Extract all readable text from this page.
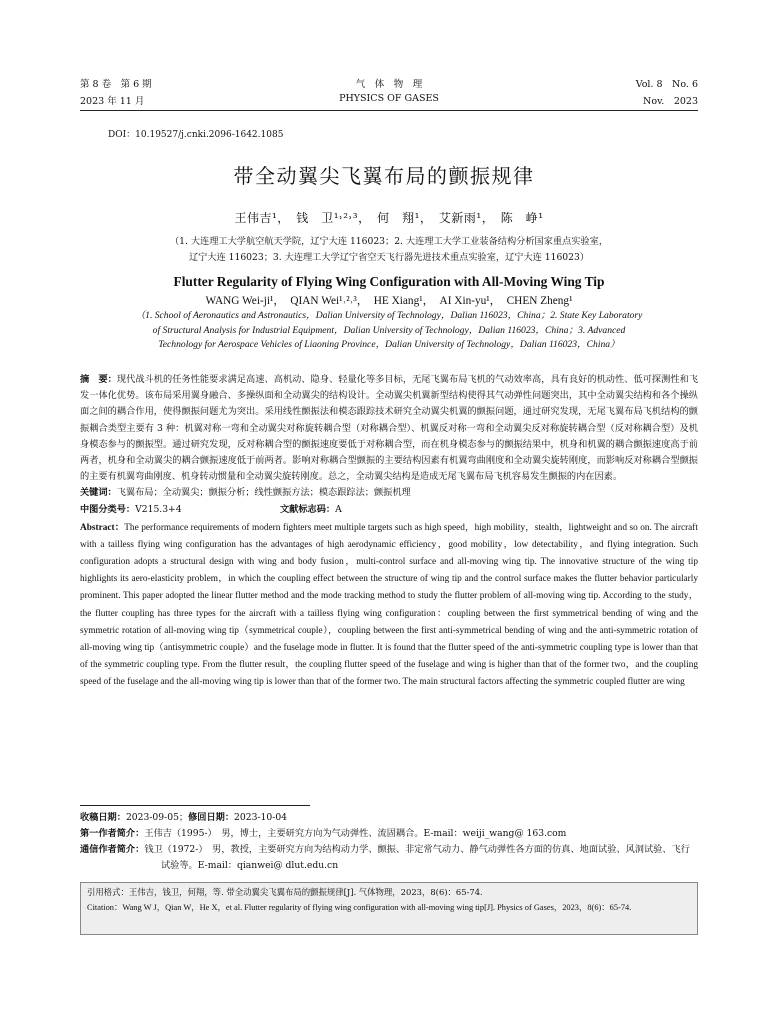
第 8 卷　第 6 期	气　体　物　理	Vol. 8　No. 6
2023 年 11 月	PHYSICS OF GASES	Nov.　2023
DOI：10.19527/j.cnki.2096-1642.1085
带全动翼尖飞翼布局的颤振规律
王伟吉¹，　钱　卫¹˒²˒³，　何　翔¹，　艾新雨¹，　陈　峥¹
（1. 大连理工大学航空航天学院，辽宁大连 116023；2. 大连理工大学工业装备结构分析国家重点实验室，
辽宁大连 116023；3. 大连理工大学辽宁省空天飞行器先进技术重点实验室，辽宁大连 116023）
Flutter Regularity of Flying Wing Configuration with All-Moving Wing Tip
WANG Wei-ji¹，　QIAN Wei¹˒²˒³，　HE Xiang¹，　AI Xin-yu¹，　CHEN Zheng¹
（1. School of Aeronautics and Astronautics，Dalian University of Technology，Dalian 116023，China；2. State Key Laboratory
of Structural Analysis for Industrial Equipment，Dalian University of Technology，Dalian 116023，China；3. Advanced
Technology for Aerospace Vehicles of Liaoning Province，Dalian University of Technology，Dalian 116023，China）

摘　要：现代战斗机的任务性能要求满足高速、高机动、隐身、轻量化等多目标，无尾飞翼布局飞机的气动效率高，具有良好的机动性、低可探测性和飞发一体化优势。该布局采用翼身融合、多操纵面和全动翼尖的结构设计。全动翼尖机翼新型结构使得其气动弹性问题突出，其中全动翼尖结构和各个操纵面之间的耦合作用，使得颤振问题尤为突出。采用线性颤振法和模态跟踪技术研究全动翼尖机翼的颤振问题，通过研究发现，无尾飞翼布局飞机结构的颤振耦合类型主要有 3 种：机翼对称一弯和全动翼尖对称旋转耦合型（对称耦合型）、机翼反对称一弯和全动翼尖反对称旋转耦合型（反对称耦合型）及机身模态参与的颤振型。通过研究发现，反对称耦合型的颤振速度要低于对称耦合型，而在机身模态参与的颤振结果中，机身和机翼的耦合颤振速度高于前两者，机身和全动翼尖的耦合颤振速度低于前两者。影响对称耦合型颤振的主要结构因素有机翼弯曲刚度和全动翼尖旋转刚度，而影响反对称耦合型颤振的主要有机翼弯曲刚度、机身转动惯量和全动翼尖旋转刚度。总之，全动翼尖结构是造成无尾飞翼布局飞机容易发生颤振的内在因素。

关键词：飞翼布局；全动翼尖；颤振分析；线性颤振方法；模态跟踪法；颤振机理

中图分类号：V215.3+4	文献标志码：A

Abstract：The performance requirements of modern fighters meet multiple targets such as high speed，high mobility，stealth，lightweight and so on. The aircraft with a tailless flying wing configuration has the advantages of high aerodynamic efficiency，good mobility，low detectability，and flying integration. Such configuration adopts a structural design with wing and body fusion，multi-control surface and all-moving wing tip. The innovative structure of the wing tip highlights its aero-elasticity problem，in which the coupling effect between the structure of wing tip and the control surface makes the flutter behavior particularly prominent. This paper adopted the linear flutter method and the mode tracking method to study the flutter problem of all-moving wing tip. According to the study，the flutter coupling has three types for the aircraft with a tailless flying wing configuration：coupling between the first symmetrical bending of wing and the symmetric rotation of all-moving wing tip（symmetrical couple），coupling between the first anti-symmetrical bending of wing and the anti-symmetric rotation of all-moving wing tip（antisymmetric couple）and the fuselage mode in flutter. It is found that the flutter speed of the anti-symmetric coupling type is lower than that of the symmetric coupling type. From the flutter result，the coupling flutter speed of the fuselage and wing is higher than that of the former two，and the coupling speed of the fuselage and the all-moving wing tip is lower than that of the former two. The main structural factors affecting the symmetric coupled flutter are wing

收稿日期：2023-09-05；修回日期：2023-10-04

第一作者简介：王伟吉（1995-）　男，博士，主要研究方向为气动弹性、流固耦合。E-mail：weiji_wang@ 163.com

通信作者简介：钱卫（1972-）　男，教授，主要研究方向为结构动力学、颤振、非定常气动力、静气动弹性各方面的仿真、地面试验、风洞试验、飞行试验等。E-mail：qianwei@ dlut.edu.cn

引用格式：王伟吉，钱卫，何翔，等. 带全动翼尖飞翼布局的颤振规律[J]. 气体物理，2023，8(6)：65-74.

Citation：Wang W J，Qian W，He X，et al. Flutter regularity of flying wing configuration with all-moving wing tip[J]. Physics of Gases，2023，8(6)：65-74.
